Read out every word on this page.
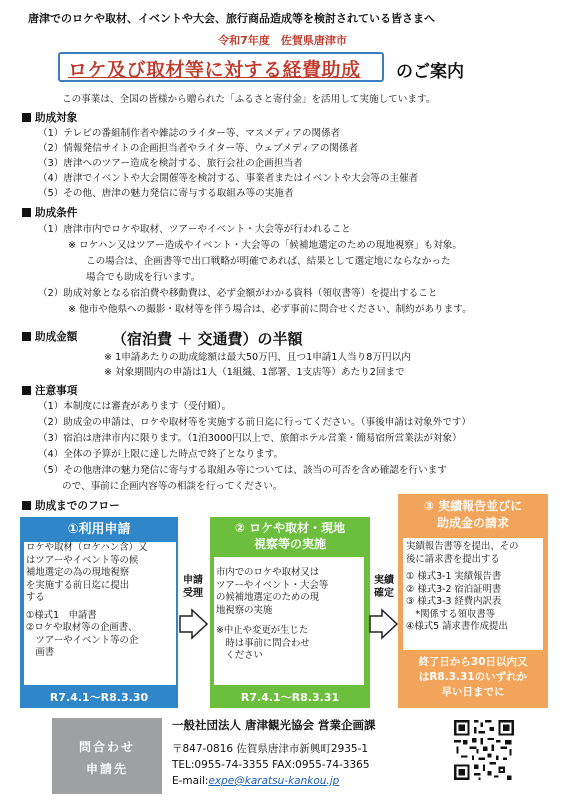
唐津でのロケや取材、イベントや大会、旅行商品造成等を検討されている皆さまへ
令和7年度　佐賀県唐津市
ロケ及び取材等に対する経費助成 のご案内
この事業は、全国の皆様から贈られた「ふるさと寄付金」を活用して実施しています。
助成対象
（1）テレビの番組制作者や雑誌のライター等、マスメディアの関係者
（2）情報発信サイトの企画担当者やライター等、ウェブメディアの関係者
（3）唐津へのツアー造成を検討する、旅行会社の企画担当者
（4）唐津でイベントや大会開催等を検討する、事業者またはイベントや大会等の主催者
（5）その他、唐津の魅力発信に寄与する取組み等の実施者
助成条件
（1）唐津市内でロケや取材、ツアーやイベント・大会等が行われること
※ ロケハン又はツアー造成やイベント・大会等の「候補地選定のための現地視察」も対象。
この場合は、企画書等で出口戦略が明確であれば、結果として選定地にならなかった
場合でも助成を行います。
（2）助成対象となる宿泊費や移動費は、必ず金額がわかる資料（領収書等）を提出すること
※ 他市や他県への撮影・取材等を伴う場合は、必ず事前に問合せください、制約があります。
助成金額 （宿泊費 ＋ 交通費）の半額
※ 1申請あたりの助成総額は最大50万円、且つ1申請1人当り8万円以内
※ 対象期間内の申請は1人（1組織、1部署、1支店等）あたり2回まで
注意事項
（1）本制度には審査があります（受付順）。
（2）助成金の申請は、ロケや取材等を実施する前日迄に行ってください。（事後申請は対象外です）
（3）宿泊は唐津市内に限ります。（1泊3000円以上で、旅館ホテル営業・簡易宿所営業法が対象）
（4）全体の予算が上限に達した時点で終了となります。
（5）その他唐津の魅力発信に寄与する取組み等については、該当の可否を含め確認を行います
ので、事前に企画内容等の相談を行ってください。
助成までのフロー
①利用申請
ロケや取材（ロケハン含）又
はツアーやイベント等の候
補地選定の為の現地視察
を実施する前日迄に提出
する
①様式1　申請書
②ロケや取材等の企画書、
　ツアーやイベント等の企
　画書
R7.4.1～R8.3.30
申請
受理
② ロケや取材・現地
視察等の実施
市内でのロケや取材又は
ツアーやイベント・大会等
の候補地選定のための現
地視察の実施
※中止や変更が生じた
　時は事前に問合わせ
　ください
R7.4.1～R8.3.31
実績
確定
③ 実績報告並びに
助成金の請求
実績報告書等を提出、その
後に請求書を提出する
① 様式3-1 実績報告書
② 様式3-2 宿泊証明書
③ 様式3-3 経費内訳表
　*関係する領収書等
④様式5 請求書作成提出
終了日から30日以内又
はR8.3.31のいずれか
早い日までに
問合わせ
申請先
一般社団法人 唐津観光協会 営業企画課
〒847-0816 佐賀県唐津市新興町2935-1
TEL:0955-74-3355 FAX:0955-74-3365
E-mail:expe@karatsu-kankou.jp
